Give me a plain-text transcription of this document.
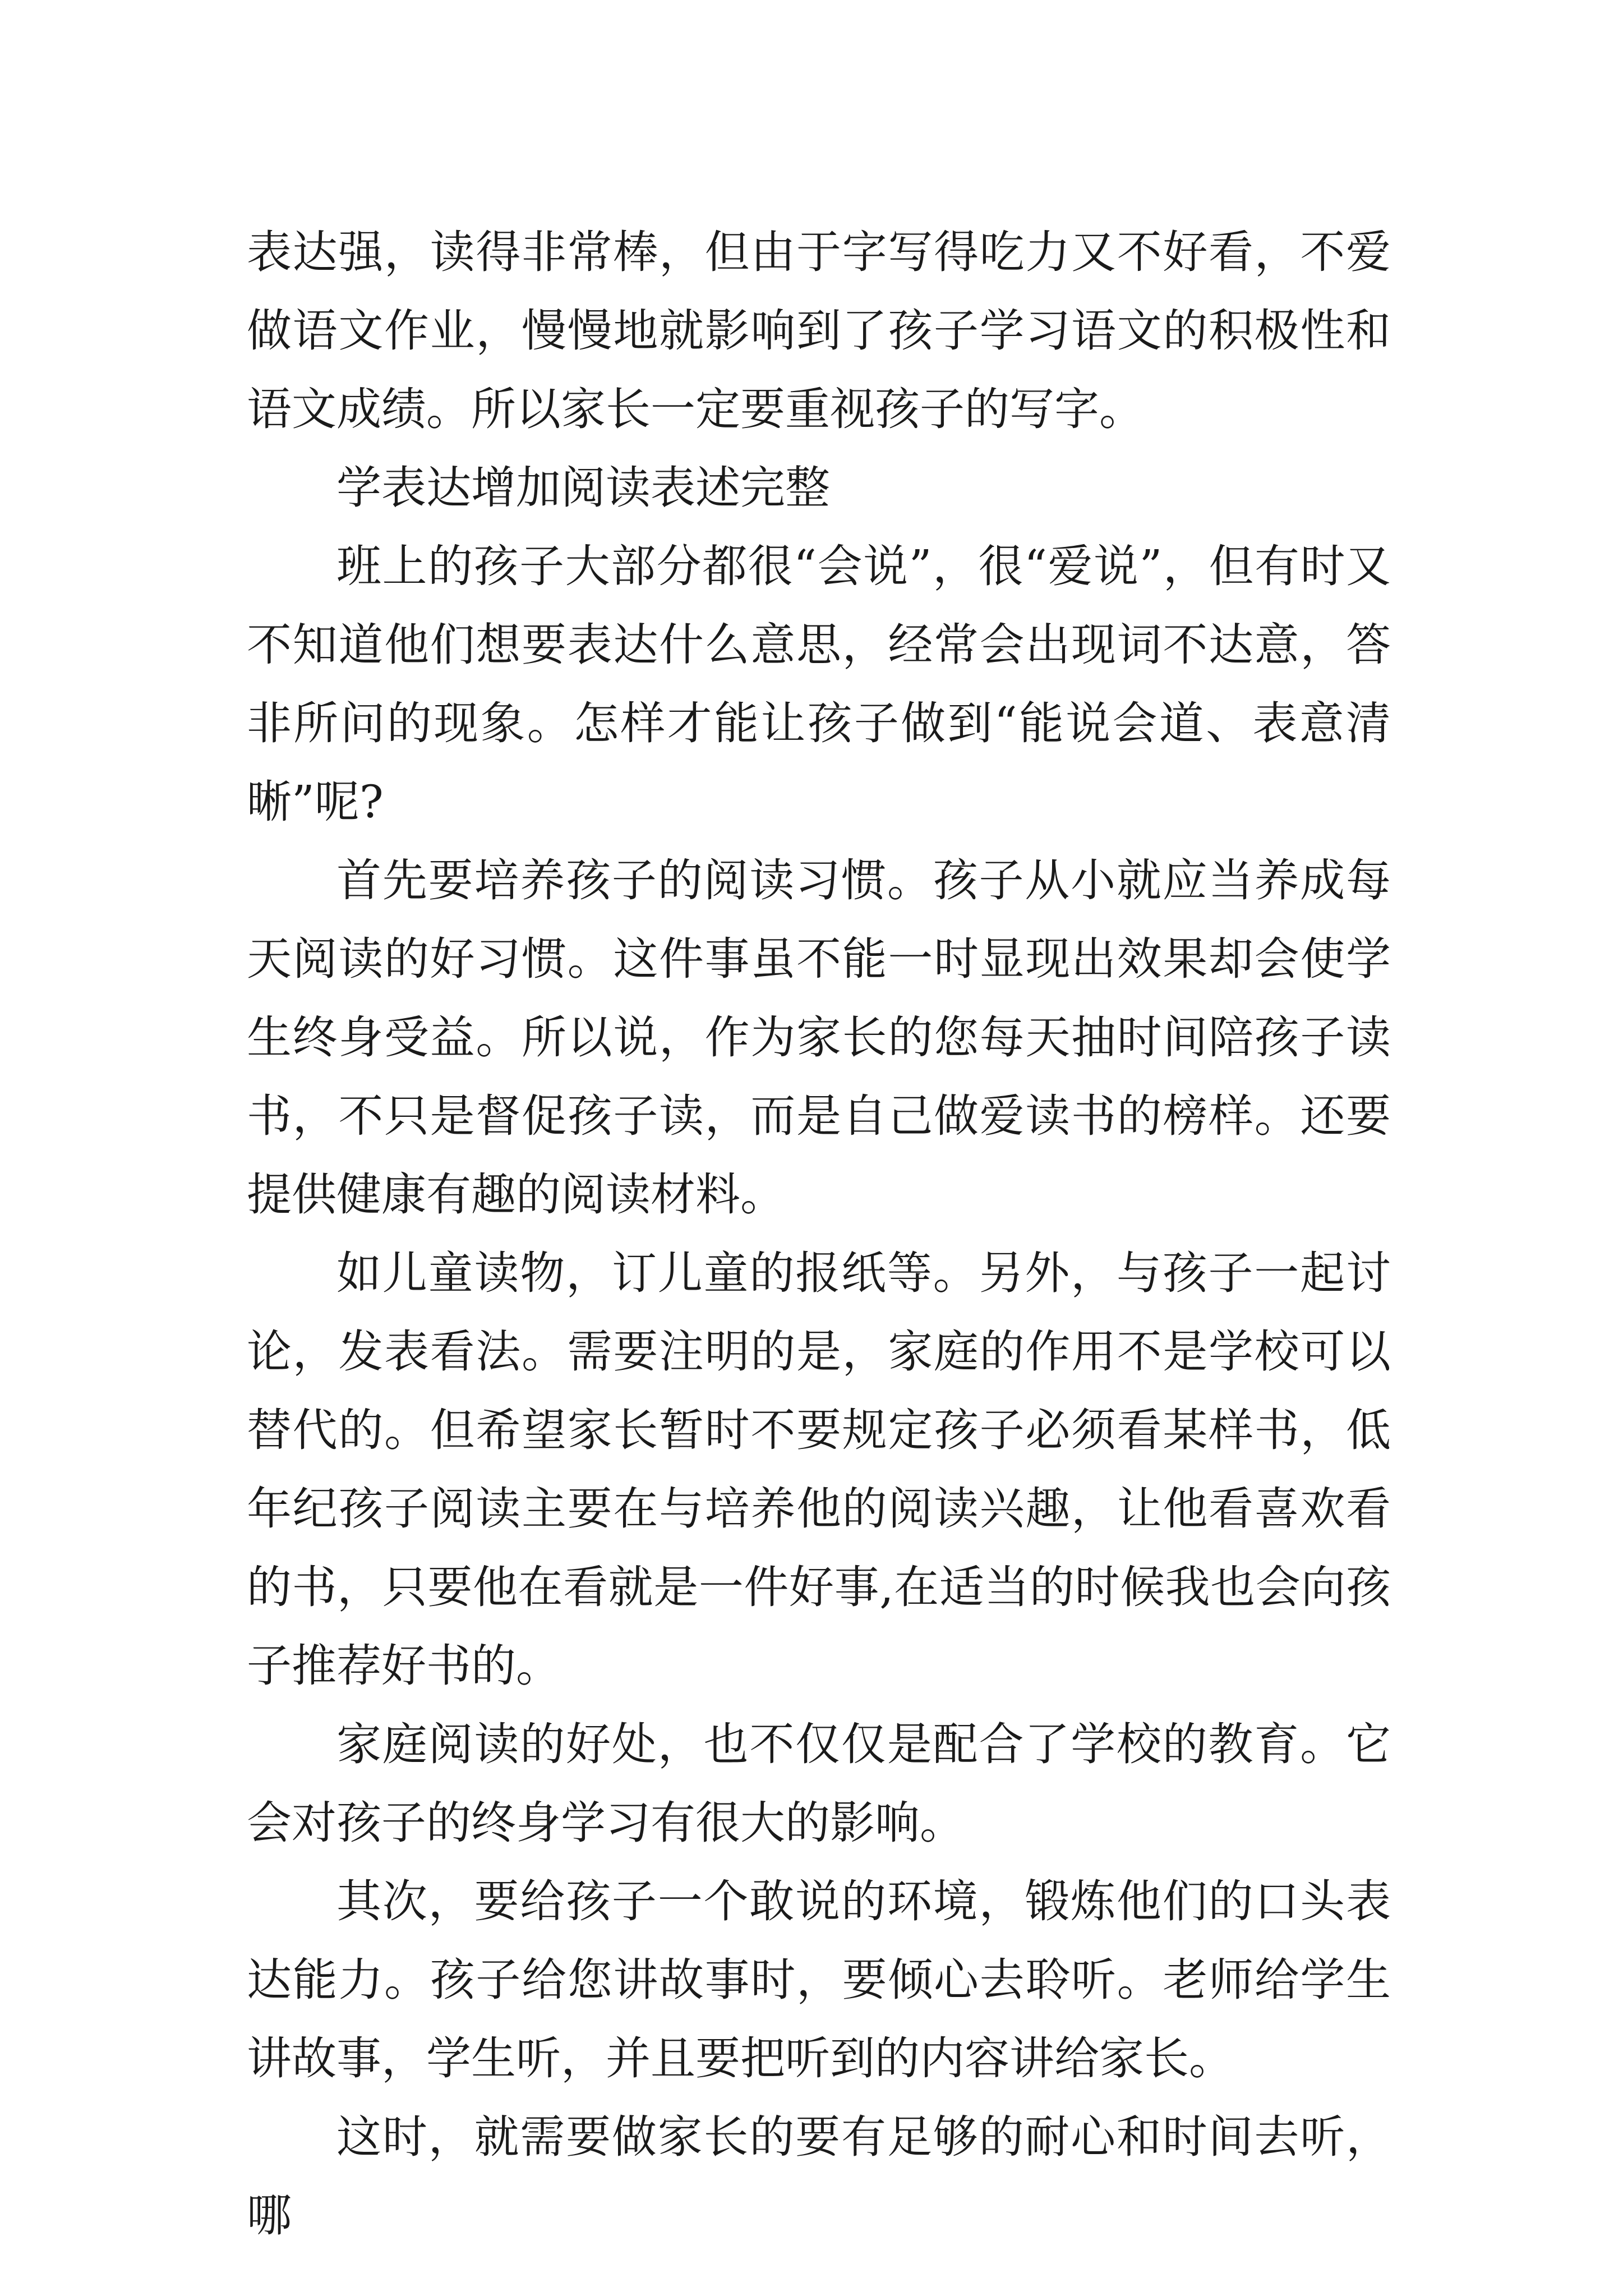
表达强，读得非常棒，但由于字写得吃力又不好看，不爱做语文作业，慢慢地就影响到了孩子学习语文的积极性和语文成绩。所以家长一定要重视孩子的写字。

学表达增加阅读表述完整

班上的孩子大部分都很“会说”，很“爱说”，但有时又不知道他们想要表达什么意思，经常会出现词不达意，答非所问的现象。怎样才能让孩子做到“能说会道、表意清晰”呢?

首先要培养孩子的阅读习惯。孩子从小就应当养成每天阅读的好习惯。这件事虽不能一时显现出效果却会使学生终身受益。所以说，作为家长的您每天抽时间陪孩子读书，不只是督促孩子读，而是自己做爱读书的榜样。还要提供健康有趣的阅读材料。

如儿童读物，订儿童的报纸等。另外，与孩子一起讨论，发表看法。需要注明的是，家庭的作用不是学校可以替代的。但希望家长暂时不要规定孩子必须看某样书，低年纪孩子阅读主要在与培养他的阅读兴趣，让他看喜欢看的书，只要他在看就是一件好事,在适当的时候我也会向孩子推荐好书的。

家庭阅读的好处，也不仅仅是配合了学校的教育。它会对孩子的终身学习有很大的影响。

其次，要给孩子一个敢说的环境，锻炼他们的口头表达能力。孩子给您讲故事时，要倾心去聆听。老师给学生讲故事，学生听，并且要把听到的内容讲给家长。

这时，就需要做家长的要有足够的耐心和时间去听，哪
